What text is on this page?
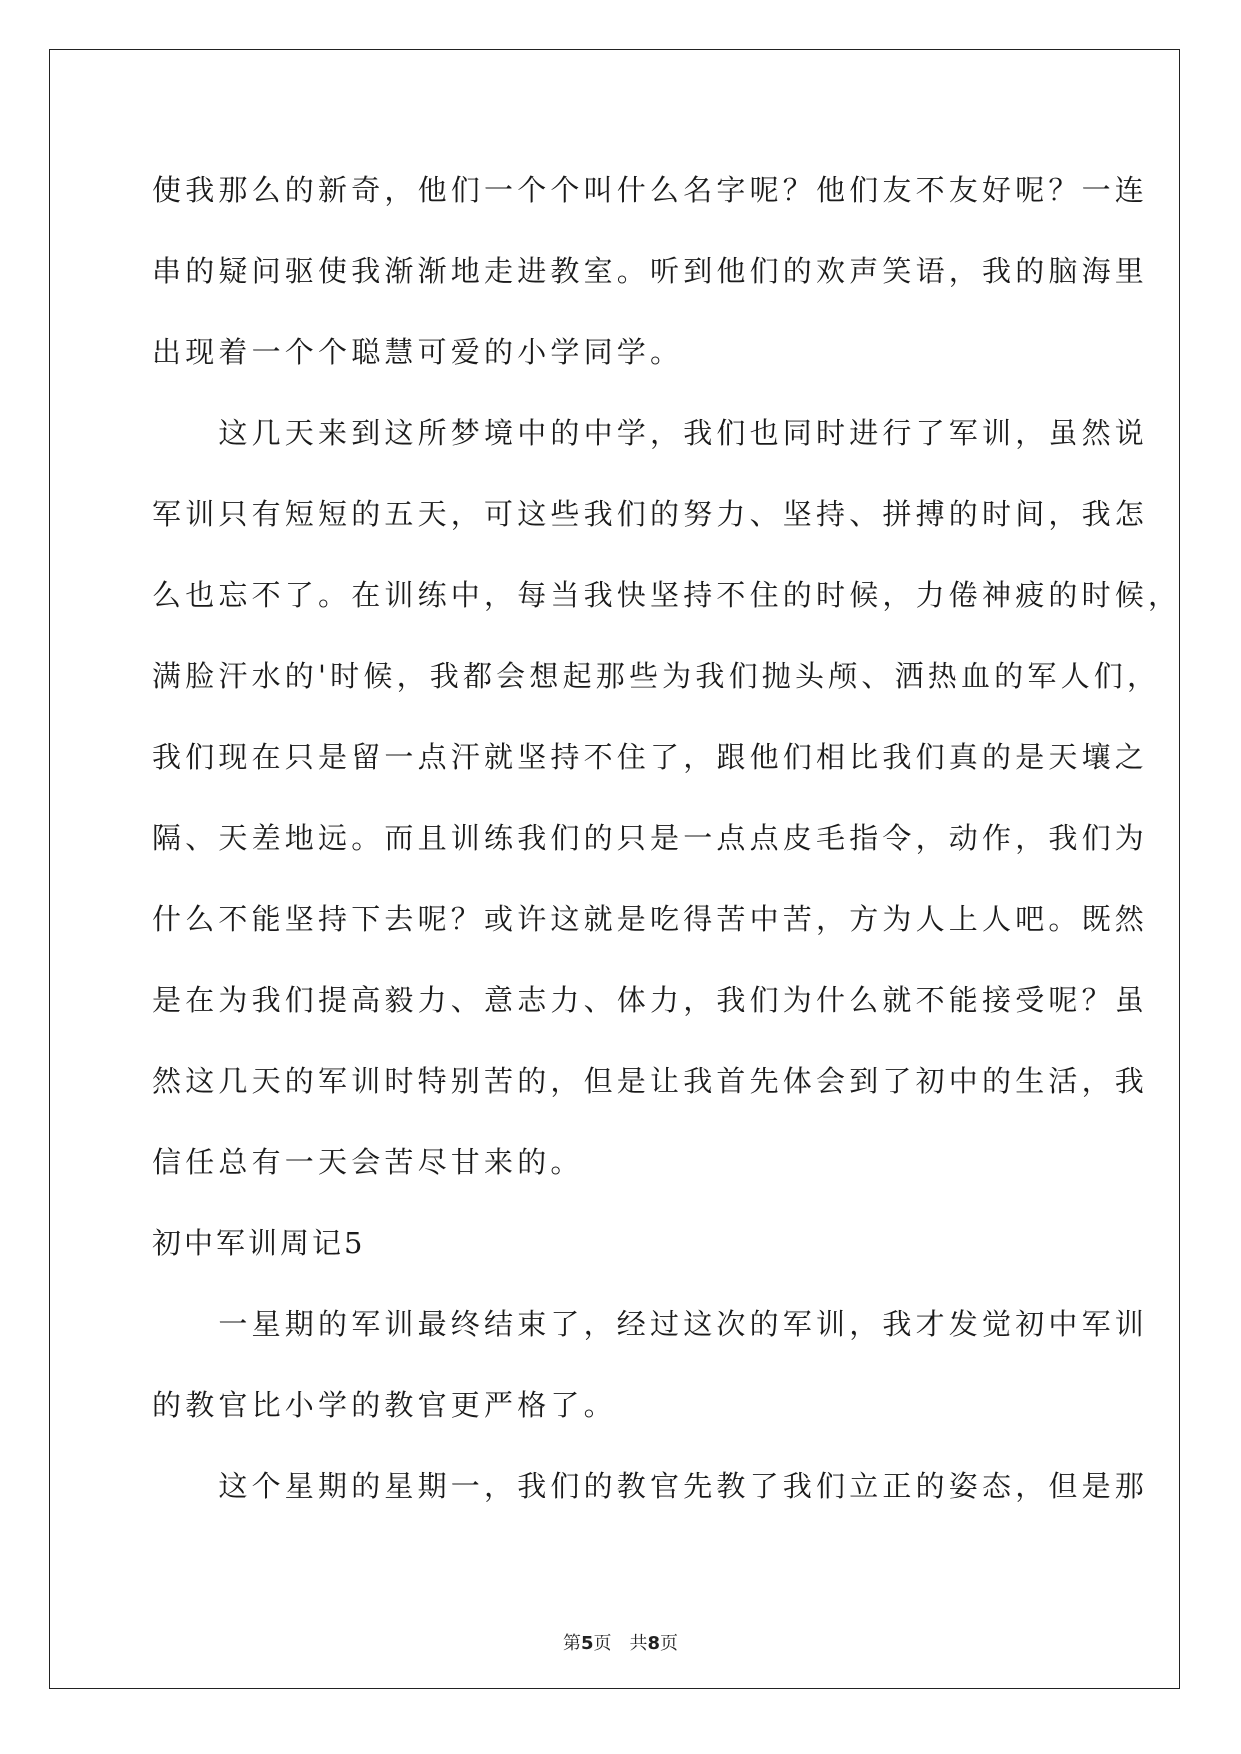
使我那么的新奇，他们一个个叫什么名字呢？他们友不友好呢？一连
串的疑问驱使我渐渐地走进教室。听到他们的欢声笑语，我的脑海里
出现着一个个聪慧可爱的小学同学。
　　这几天来到这所梦境中的中学，我们也同时进行了军训，虽然说
军训只有短短的五天，可这些我们的努力、坚持、拼搏的时间，我怎
么也忘不了。在训练中，每当我快坚持不住的时候，力倦神疲的时候，
满脸汗水的'时候，我都会想起那些为我们抛头颅、洒热血的军人们，
我们现在只是留一点汗就坚持不住了，跟他们相比我们真的是天壤之
隔、天差地远。而且训练我们的只是一点点皮毛指令，动作，我们为
什么不能坚持下去呢？或许这就是吃得苦中苦，方为人上人吧。既然
是在为我们提高毅力、意志力、体力，我们为什么就不能接受呢？虽
然这几天的军训时特别苦的，但是让我首先体会到了初中的生活，我
信任总有一天会苦尽甘来的。
初中军训周记5
　　一星期的军训最终结束了，经过这次的军训，我才发觉初中军训
的教官比小学的教官更严格了。
　　这个星期的星期一，我们的教官先教了我们立正的姿态，但是那
第5页 共8页
